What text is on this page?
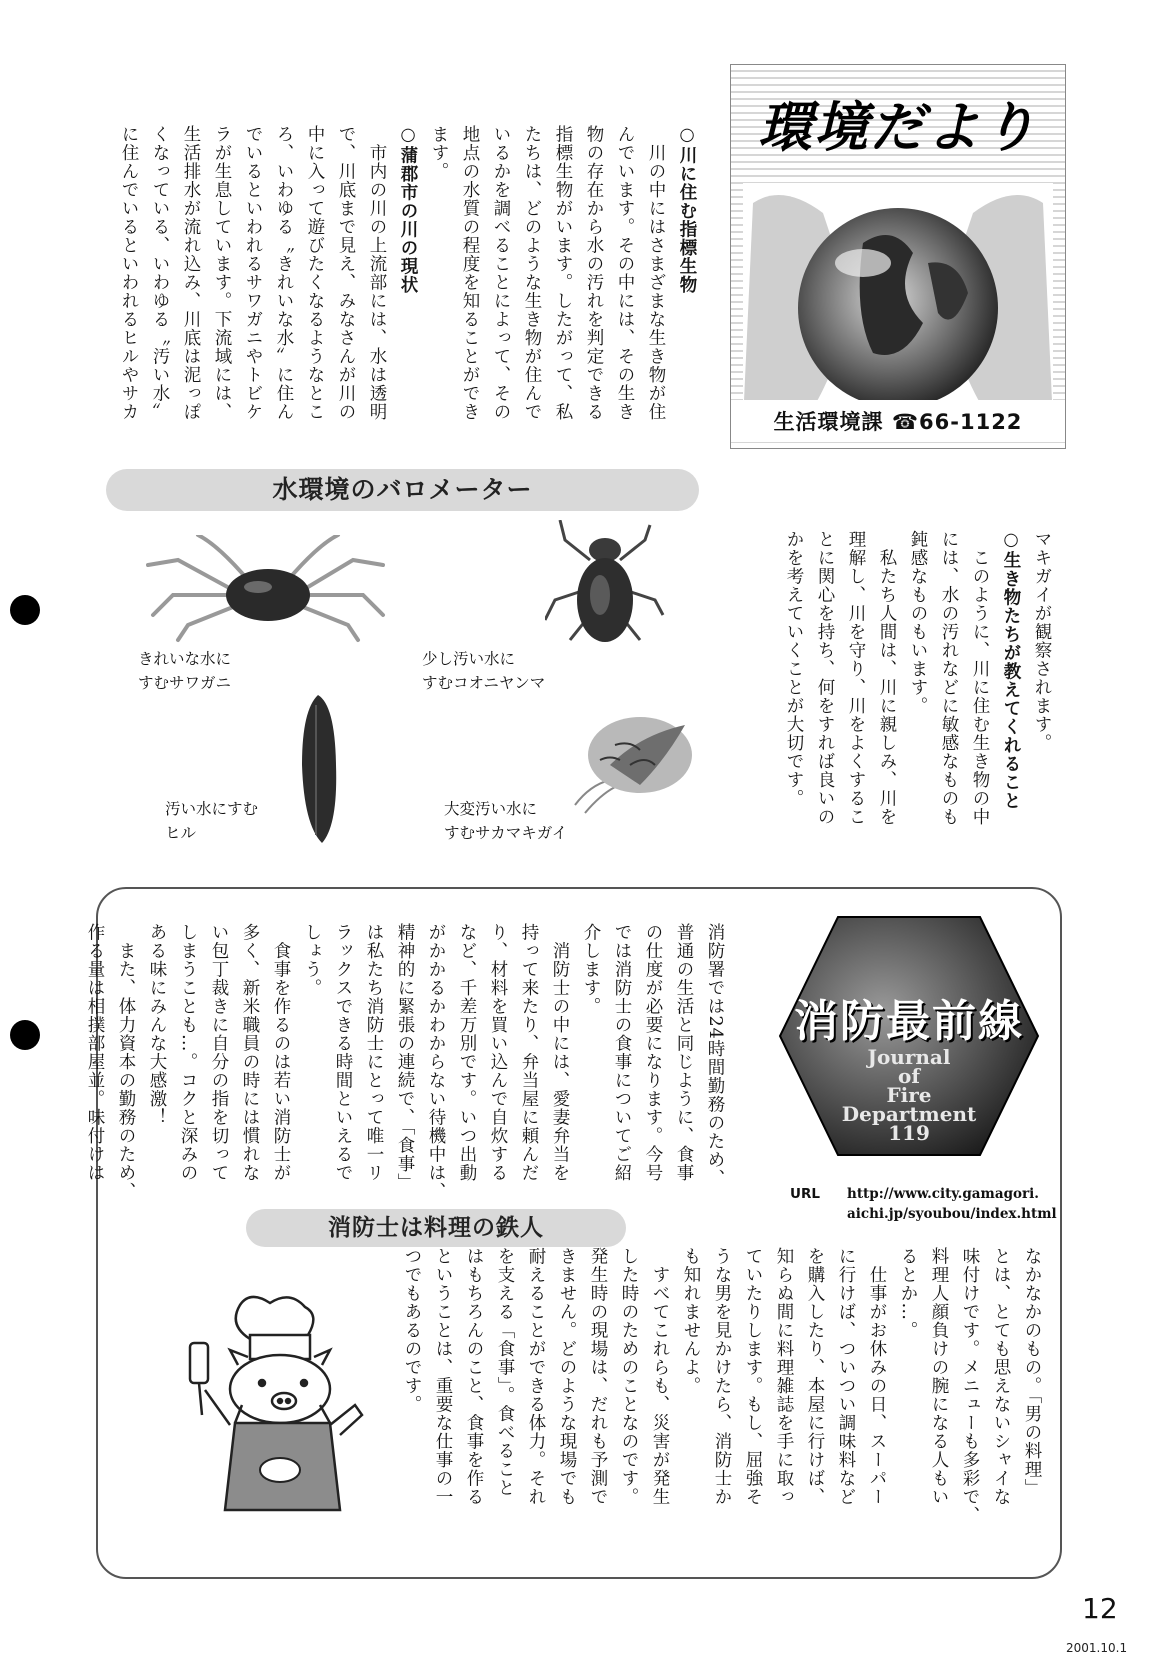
環境だより
生活環境課 ☎66‐1122
○川に住む指標生物
　川の中にはさまざまな生き物が住
んでいます。その中には、その生き
物の存在から水の汚れを判定できる
指標生物がいます。したがって、私
たちは、どのような生き物が住んで
いるかを調べることによって、その
地点の水質の程度を知ることができ
ます。
○蒲郡市の川の現状
　市内の川の上流部には、水は透明
で、川底まで見え、みなさんが川の
中に入って遊びたくなるようなとこ
ろ、いわゆる〝きれいな水〟に住ん
でいるといわれるサワガニやトビケ
ラが生息しています。下流域には、
生活排水が流れ込み、川底は泥っぽ
くなっている、いわゆる〝汚い水〟
に住んでいるといわれるヒルやサカ
水環境のバロメーター
きれいな水に
すむサワガニ
少し汚い水に
すむコオニヤンマ
汚い水にすむ
ヒル
大変汚い水に
すむサカマキガイ
マキガイが観察されます。
○生き物たちが教えてくれること
　このように、川に住む生き物の中
には、水の汚れなどに敏感なものも
鈍感なものもいます。
　私たち人間は、川に親しみ、川を
理解し、川を守り、川をよくするこ
とに関心を持ち、何をすれば良いの
かを考えていくことが大切です。
消防最前線
Journal
of
Fire
Department
119
URL http://www.city.gamagori.
aichi.jp/syoubou/index.html
消防署では24時間勤務のため、
普通の生活と同じように、食事
の仕度が必要になります。今号
では消防士の食事についてご紹
介します。
　消防士の中には、愛妻弁当を
持って来たり、弁当屋に頼んだ
り、材料を買い込んで自炊する
など、千差万別です。いつ出動
がかかるかわからない待機中は、
精神的に緊張の連続で、「食事」
は私たち消防士にとって唯一リ
ラックスできる時間といえるで
しょう。
　食事を作るのは若い消防士が
多く、新米職員の時には慣れな
い包丁裁きに自分の指を切って
しまうことも…。コクと深みの
ある味にみんな大感激！
　また、体力資本の勤務のため、
作る量は相撲部屋並。味付けは
消防士は料理の鉄人
なかなかのもの。「男の料理」
とは、とても思えないシャイな
味付けです。メニューも多彩で、
料理人顔負けの腕になる人もい
るとか…。
　仕事がお休みの日、スーパー
に行けば、ついつい調味料など
を購入したり、本屋に行けば、
知らぬ間に料理雑誌を手に取っ
ていたりします。もし、屈強そ
うな男を見かけたら、消防士か
も知れませんよ。
　すべてこれらも、災害が発生
した時のためのことなのです。
発生時の現場は、だれも予測で
きません。どのような現場でも
耐えることができる体力。それ
を支える「食事」。食べること
はもちろんのこと、食事を作る
ということは、重要な仕事の一
つでもあるのです。
12
2001.10.1
